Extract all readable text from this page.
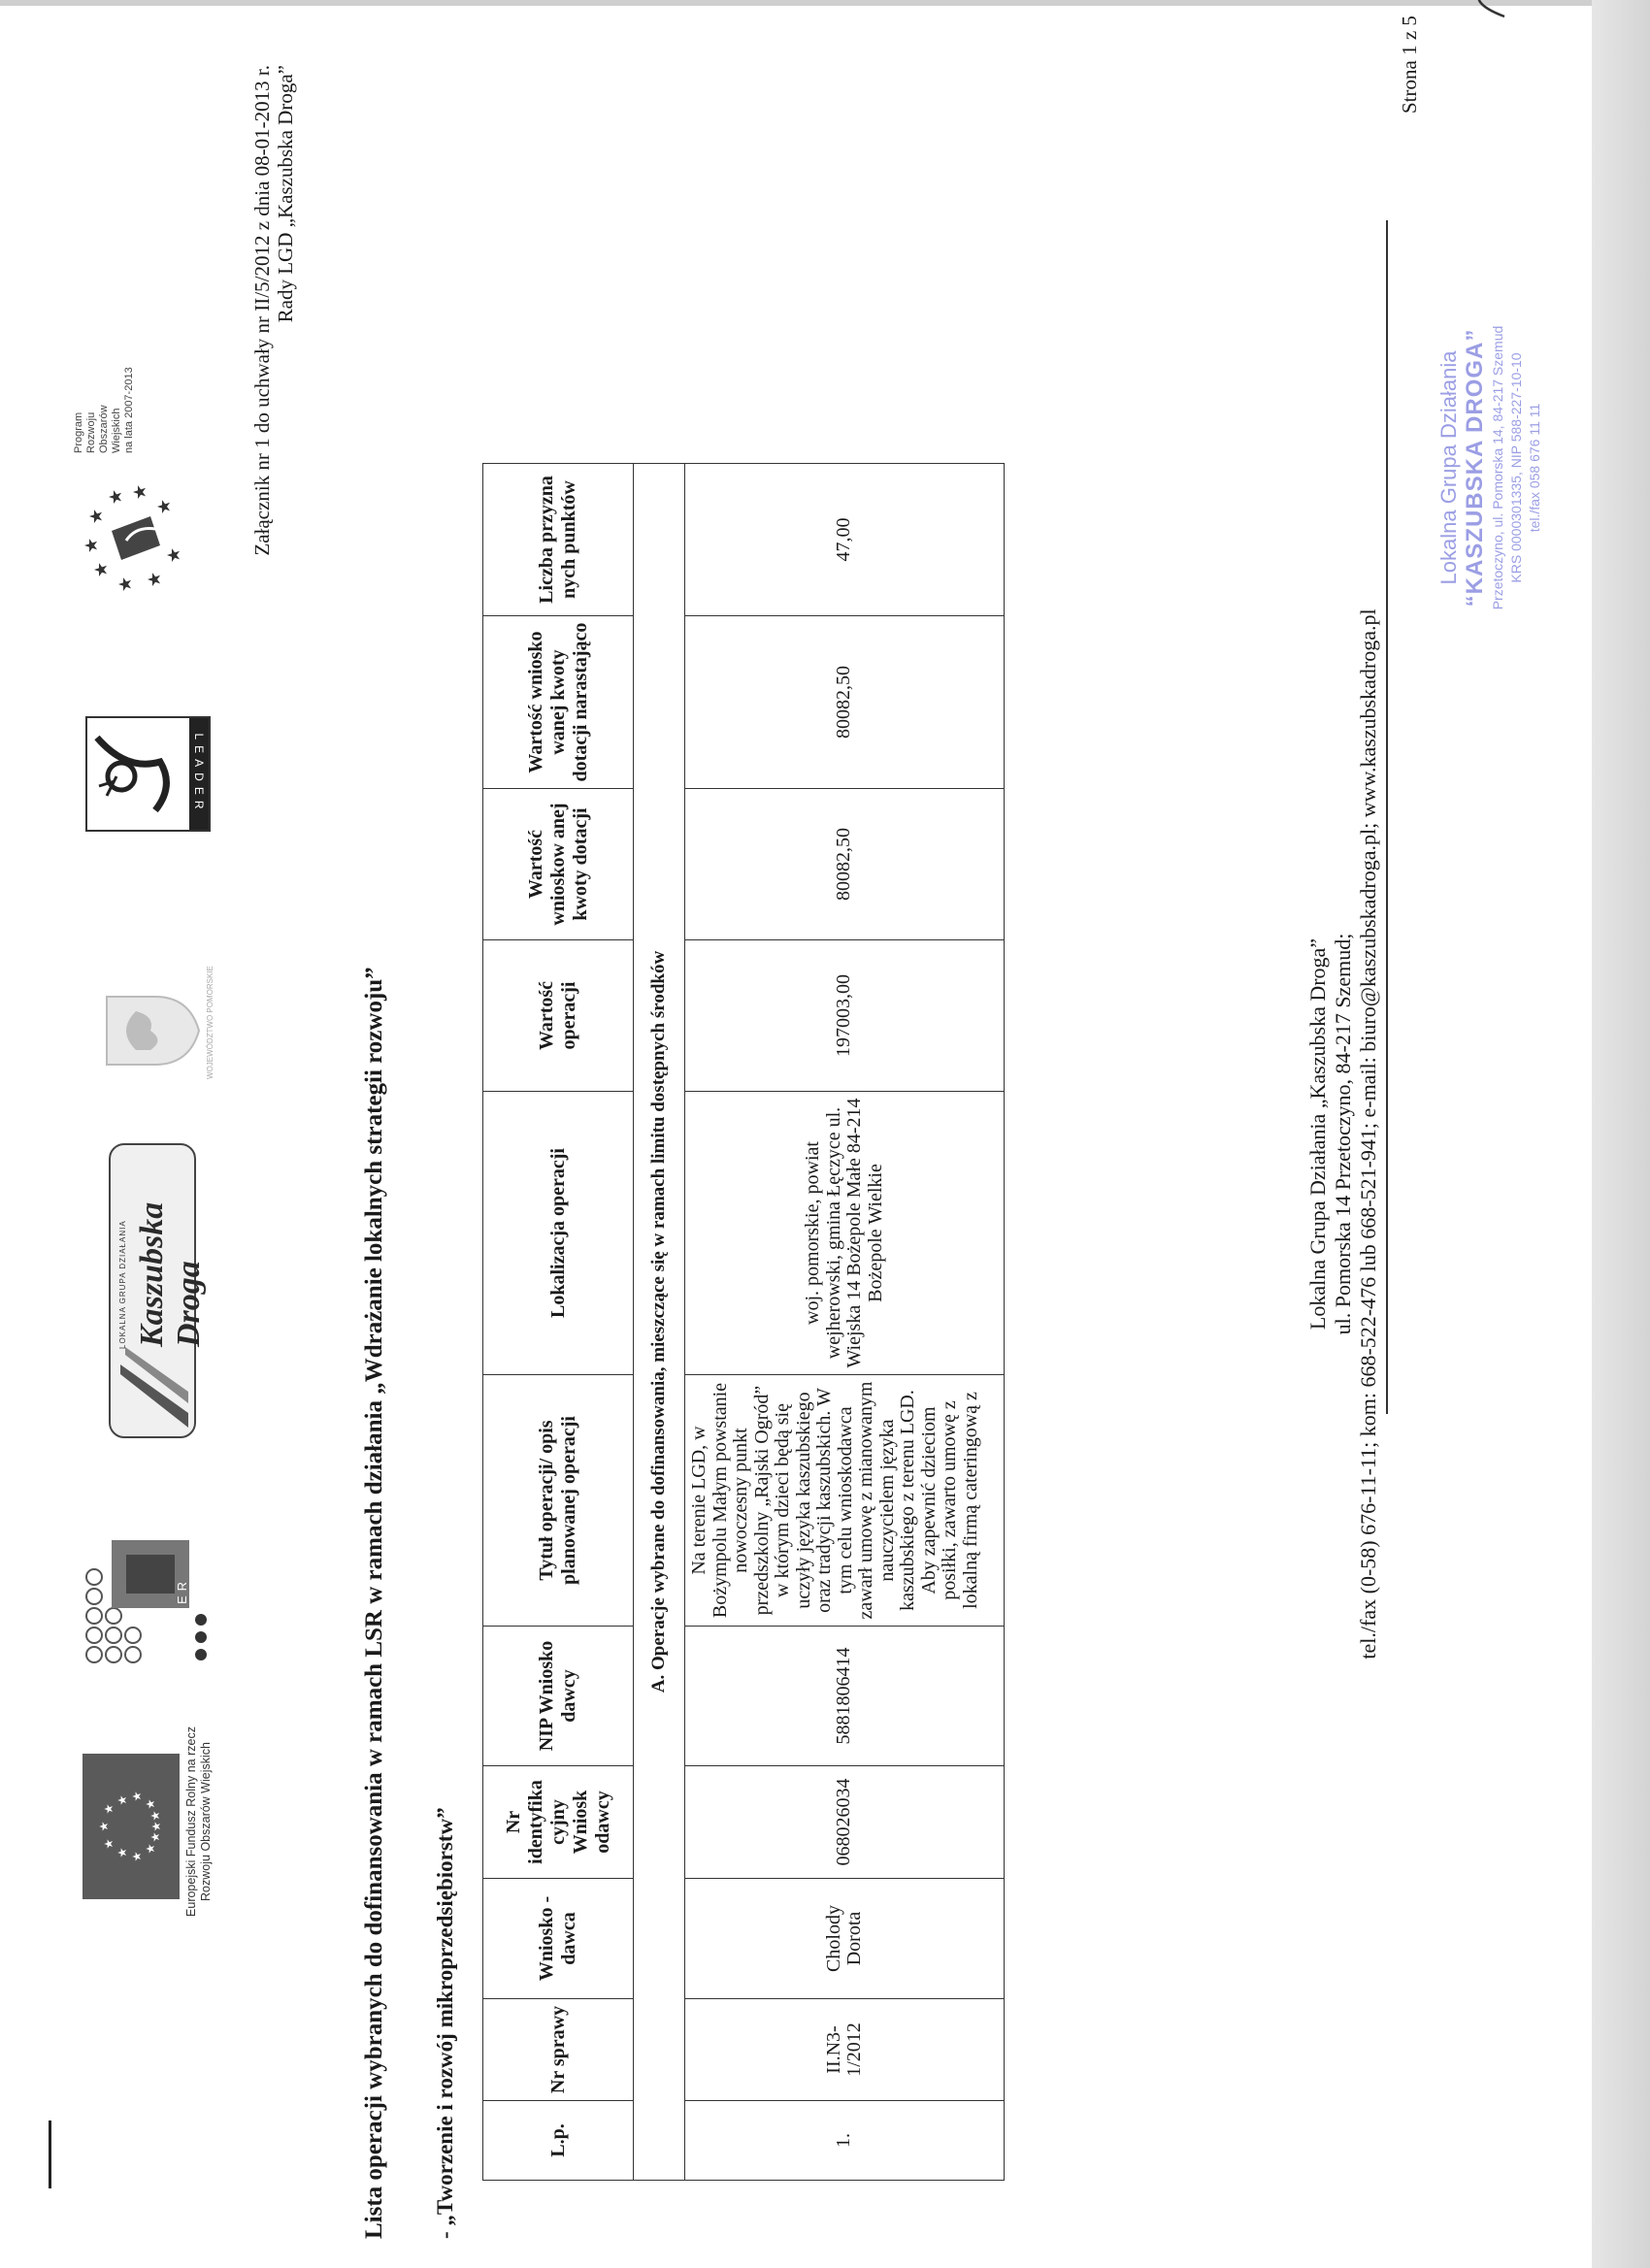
★
★
★ ★
★
★
★
★
★
★
★
★ Europejski Fundusz Rolny na rzecz Rozwoju Obszarów Wiejskich
LEADER
LOKALNA GRUPA DZIAŁANIA Kaszubska Droga
WOJEWÓDZTWO POMORSKIE
LEADER
★
★
★
★ ★
★
★ ★
★
Program Rozwoju Obszarów Wiejskich na lata 2007-2013	Załącznik nr 1 do uchwały nr II/5/2012 z dnia 08-01-2013 r. Rady LGD „Kaszubska Droga”
Lista operacji wybranych do dofinansowania w ramach LSR w ramach działania „Wdrażanie lokalnych strategii rozwoju” - „Tworzenie i rozwój mikroprzedsiębiorstw”	L.p.	Nr sprawy	Wniosko -dawca	Nr identyfika cyjny Wniosk odawcy	NIP Wniosko dawcy	Tytuł operacji/ opis planowanej operacji	Lokalizacja operacji	Wartość operacji	Wartość wnioskow anej kwoty dotacji	Wartość wniosko wanej kwoty dotacji narastająco	Liczba przyzna nych punktów
A. Operacje wybrane do dofinansowania, mieszczące się w ramach limitu dostępnych środków										
1.	II.N3-1/2012	Cholody Dorota	068026034	5881806414	Na terenie LGD, w Bożympolu Małym powstanie nowoczesny punkt przedszkolny „Rajski Ogród” w którym dzieci będą się uczyły języka kaszubskiego oraz tradycji kaszubskich. W tym celu wnioskodawca zawarł umowę z mianowanym nauczycielem języka kaszubskiego z terenu LGD. Aby zapewnić dzieciom posiłki, zawarto umowę z lokalną firmą cateringową z	woj. pomorskie, powiat wejherowski, gmina Łęczyce ul. Wiejska 14 Bożepole Małe 84-214 Bożepole Wielkie	197003,00	80082,50	80082,50	47,00
Lokalna Grupa Działania „Kaszubska Droga” ul. Pomorska 14 Przetoczyno, 84-217 Szemud; tel./fax (0-58) 676-11-11; kom: 668-522-476 lub 668-521-941; e-mail: biuro@kaszubskadroga.pl; www.kaszubskadroga.pl
Strona 1 z 5
Lokalna Grupa Działania “KASZUBSKA DROGA” Przetoczyno, ul. Pomorska 14, 84-217 Szemud KRS 0000301335, NIP 588-227-10-10 tel./fax 058 676 11 11
